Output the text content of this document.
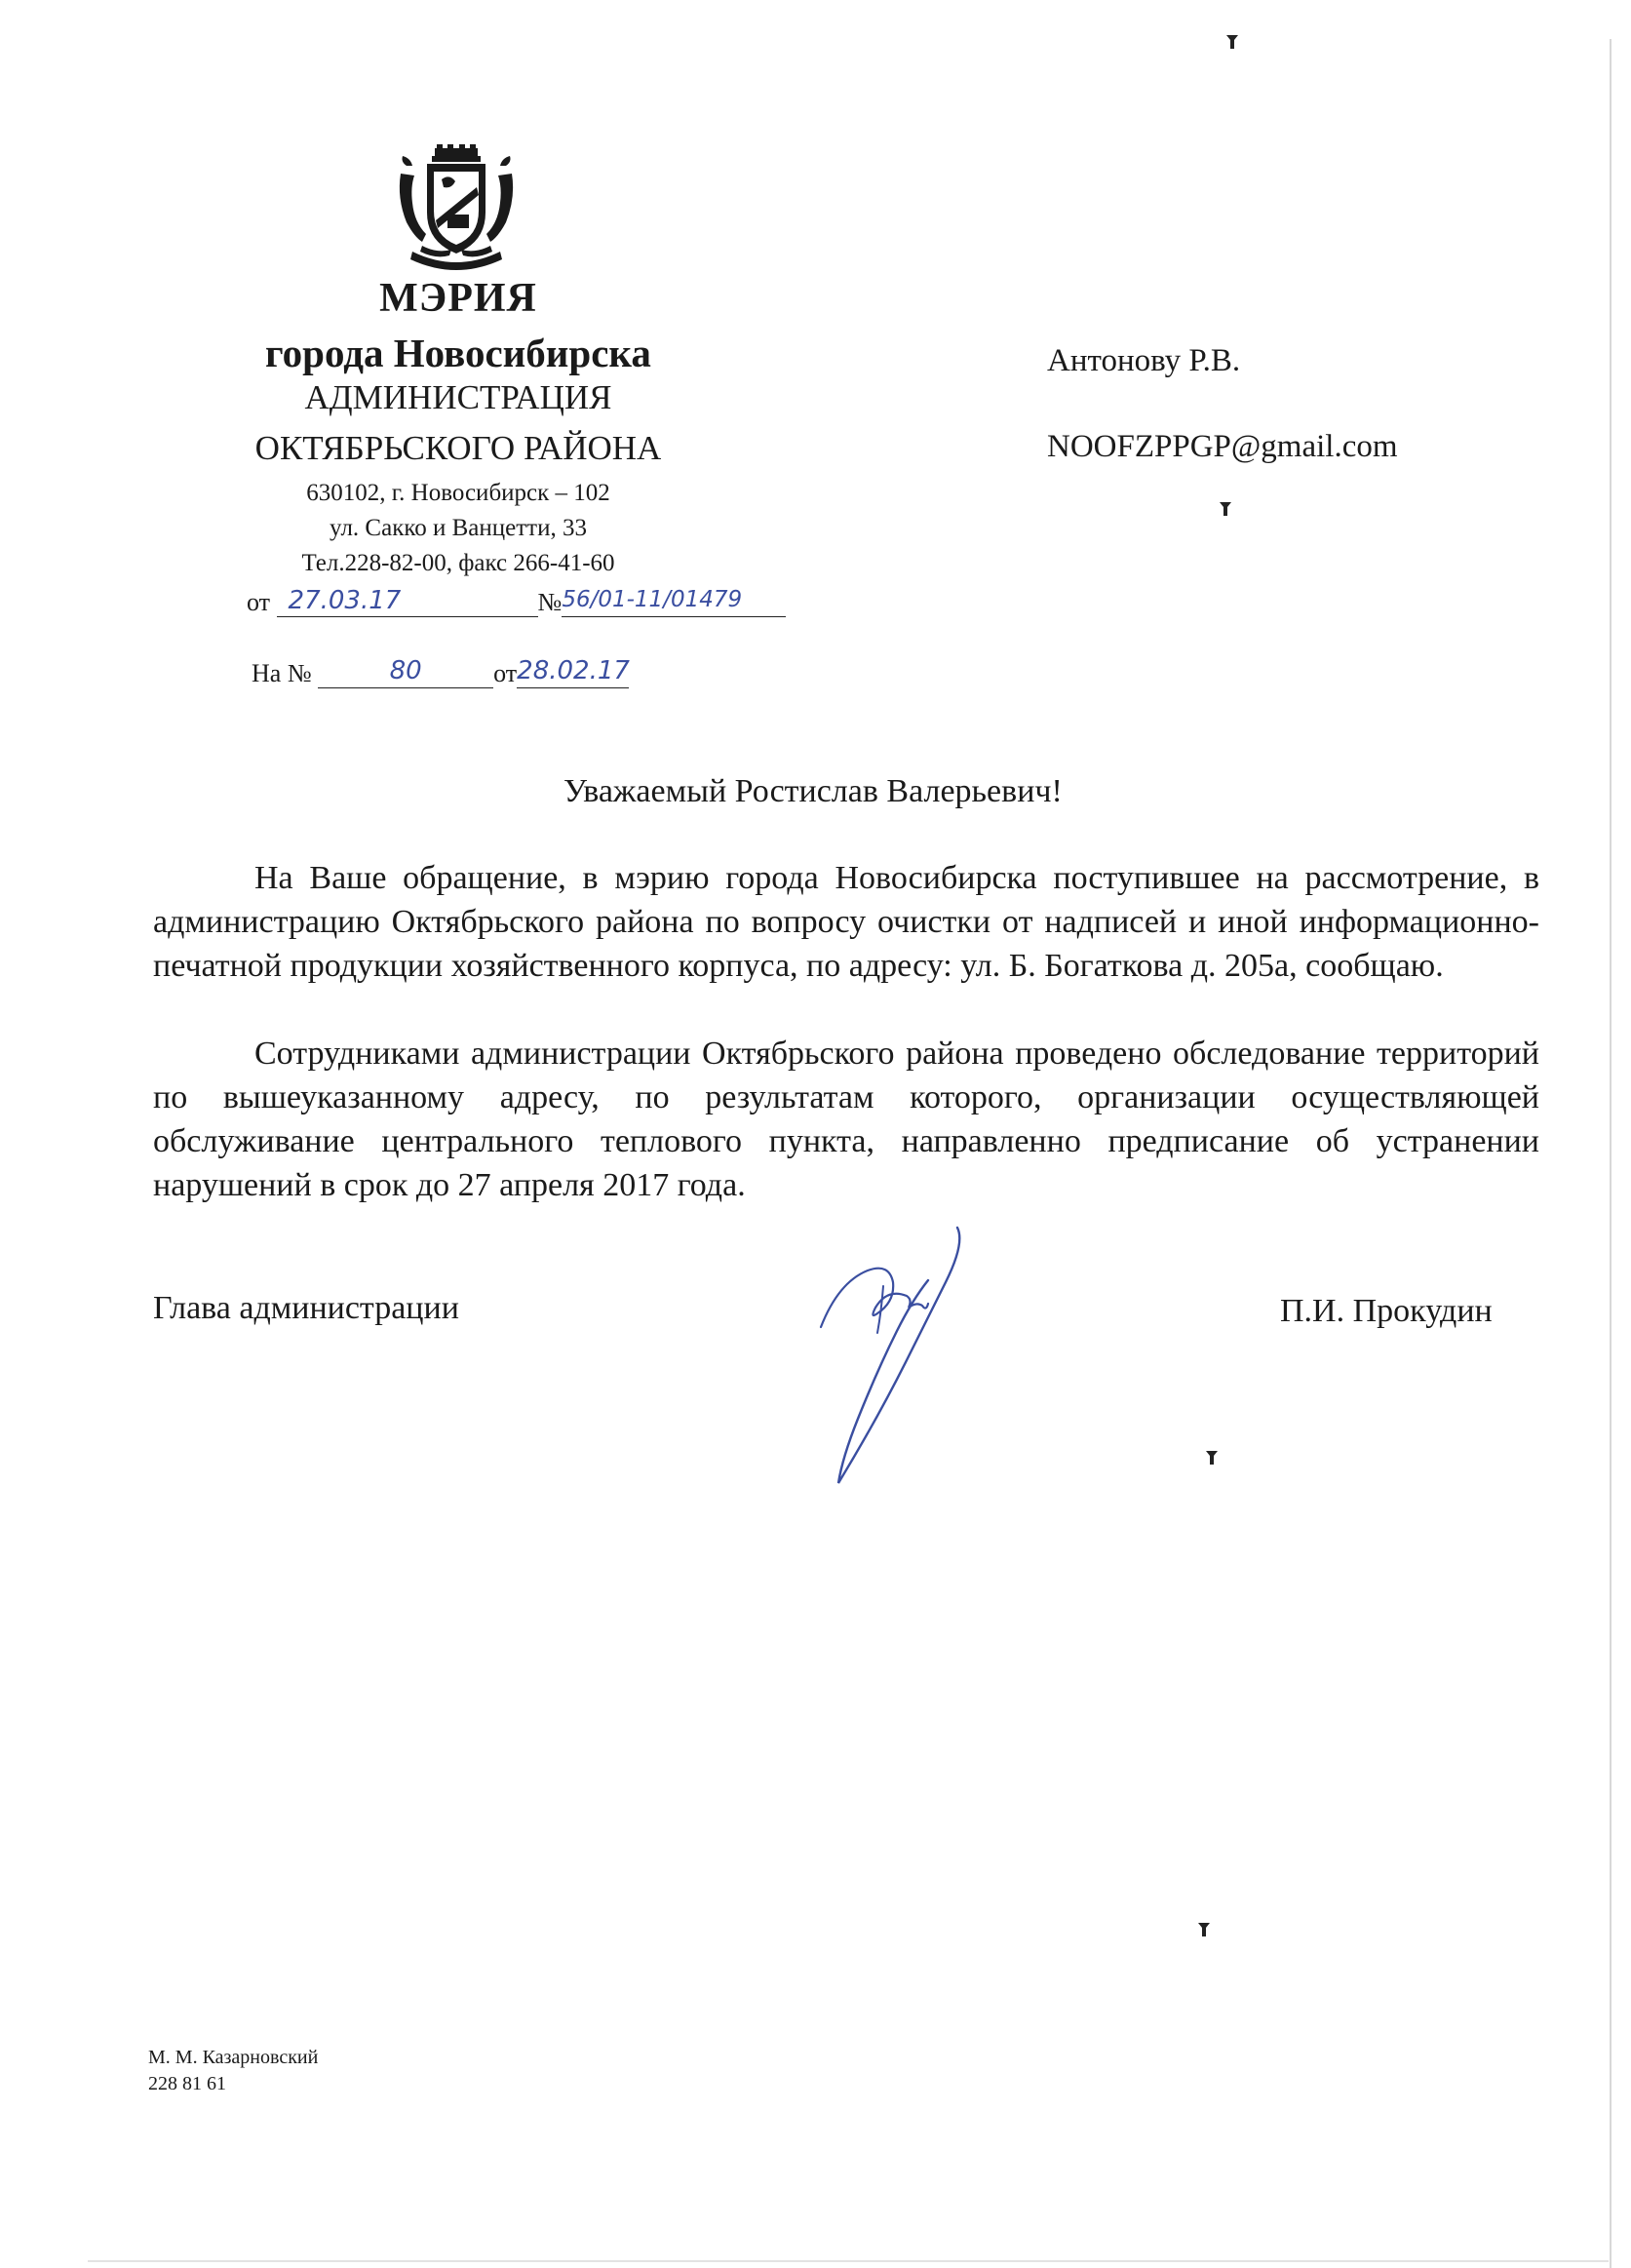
МЭРИЯ
города Новосибирска
АДМИНИСТРАЦИЯ
ОКТЯБРЬСКОГО РАЙОНА
630102, г. Новосибирск – 102
ул. Сакко и Ванцетти, 33
Тел.228-82-00, факс 266-41-60
от 27.03.17	№56/01-11/01479
На №	80	от28.02.17
Антонову Р.В.
NOOFZPPGP@gmail.com
Уважаемый Ростислав Валерьевич!
На Ваше обращение, в мэрию города Новосибирска поступившее на рассмотрение, в администрацию Октябрьского района по вопросу очистки от надписей и иной информационно-печатной продукции хозяйственного корпуса, по адресу: ул. Б. Богаткова д. 205а, сообщаю.
Сотрудниками администрации Октябрьского района проведено обследование территорий по вышеуказанному адресу, по результатам которого, организации осуществляющей обслуживание центрального теплового пункта, направленно предписание об устранении нарушений в срок до 27 апреля 2017 года.
Глава администрации	П.И. Прокудин
М. М. Казарновский
228 81 61
